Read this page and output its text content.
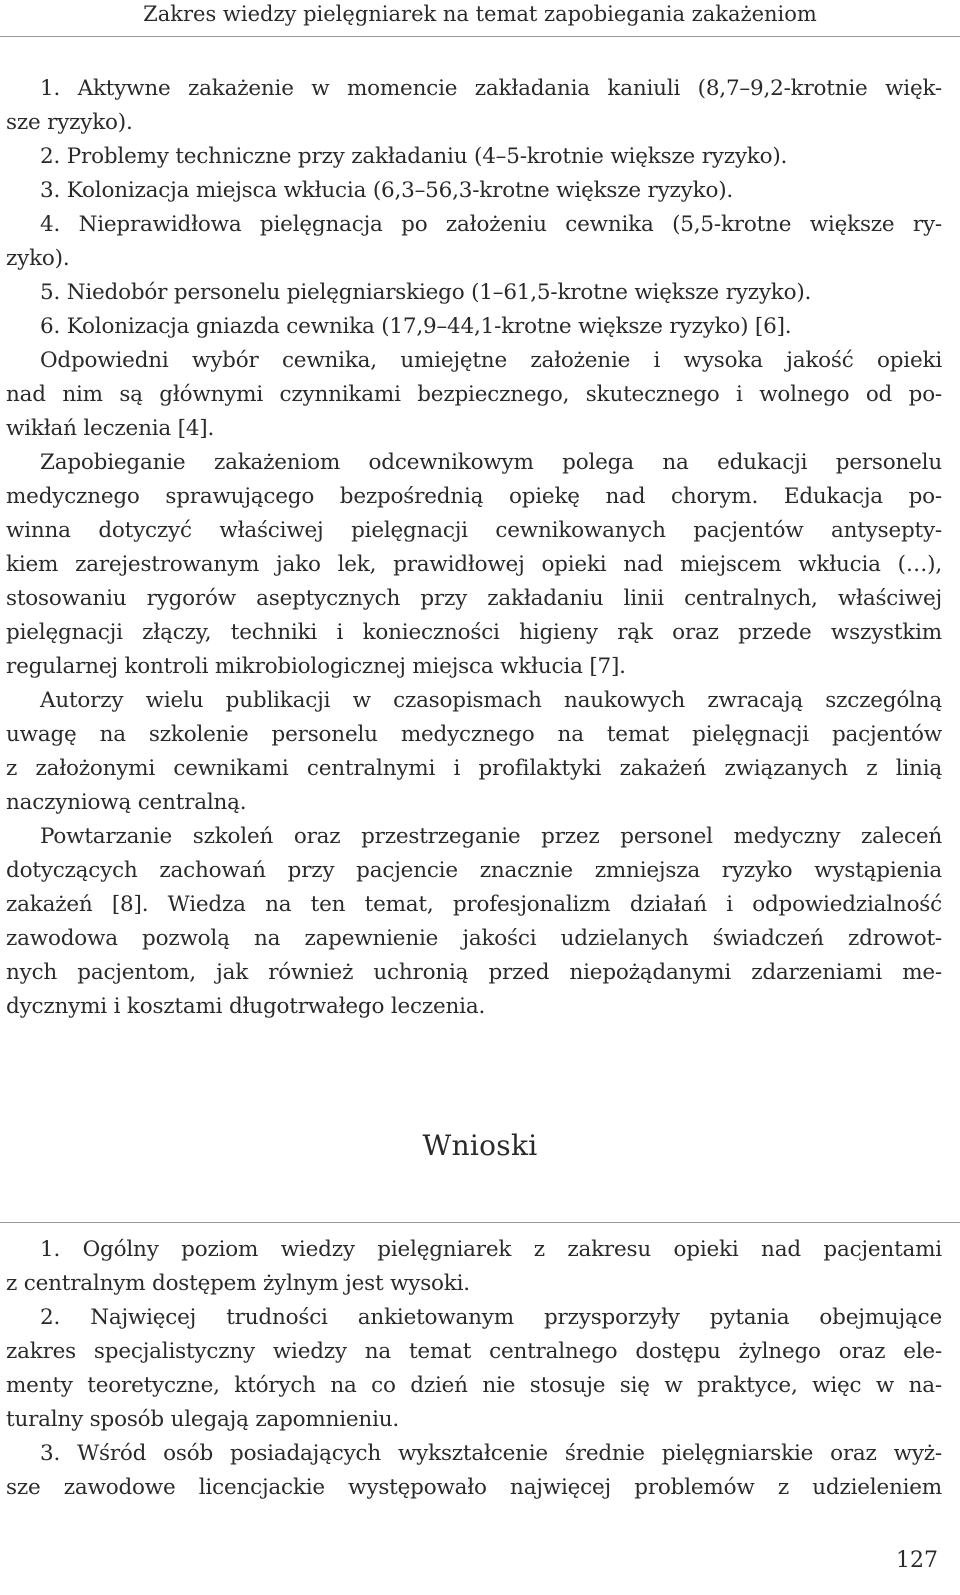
Zakres wiedzy pielęgniarek na temat zapobiegania zakażeniom
1. Aktywne zakażenie w momencie zakładania kaniuli (8,7–9,2-krotnie więk-
sze ryzyko).
2. Problemy techniczne przy zakładaniu (4–5-krotnie większe ryzyko).
3. Kolonizacja miejsca wkłucia (6,3–56,3-krotne większe ryzyko).
4. Nieprawidłowa pielęgnacja po założeniu cewnika (5,5-krotne większe ry-
zyko).
5. Niedobór personelu pielęgniarskiego (1–61,5-krotne większe ryzyko).
6. Kolonizacja gniazda cewnika (17,9–44,1-krotne większe ryzyko) [6].
Odpowiedni wybór cewnika, umiejętne założenie i wysoka jakość opieki
nad nim są głównymi czynnikami bezpiecznego, skutecznego i wolnego od po-
wikłań leczenia [4].
Zapobieganie zakażeniom odcewnikowym polega na edukacji personelu
medycznego sprawującego bezpośrednią opiekę nad chorym. Edukacja po-
winna dotyczyć właściwej pielęgnacji cewnikowanych pacjentów antysepty-
kiem zarejestrowanym jako lek, prawidłowej opieki nad miejscem wkłucia (…),
stosowaniu rygorów aseptycznych przy zakładaniu linii centralnych, właściwej
pielęgnacji złączy, techniki i konieczności higieny rąk oraz przede wszystkim
regularnej kontroli mikrobiologicznej miejsca wkłucia [7].
Autorzy wielu publikacji w czasopismach naukowych zwracają szczególną
uwagę na szkolenie personelu medycznego na temat pielęgnacji pacjentów
z założonymi cewnikami centralnymi i profilaktyki zakażeń związanych z linią
naczyniową centralną.
Powtarzanie szkoleń oraz przestrzeganie przez personel medyczny zaleceń
dotyczących zachowań przy pacjencie znacznie zmniejsza ryzyko wystąpienia
zakażeń [8]. Wiedza na ten temat, profesjonalizm działań i odpowiedzialność
zawodowa pozwolą na zapewnienie jakości udzielanych świadczeń zdrowot-
nych pacjentom, jak również uchronią przed niepożądanymi zdarzeniami me-
dycznymi i kosztami długotrwałego leczenia.
Wnioski
1. Ogólny poziom wiedzy pielęgniarek z zakresu opieki nad pacjentami
z centralnym dostępem żylnym jest wysoki.
2. Najwięcej trudności ankietowanym przysporzyły pytania obejmujące
zakres specjalistyczny wiedzy na temat centralnego dostępu żylnego oraz ele-
menty teoretyczne, których na co dzień nie stosuje się w praktyce, więc w na-
turalny sposób ulegają zapomnieniu.
3. Wśród osób posiadających wykształcenie średnie pielęgniarskie oraz wyż-
sze zawodowe licencjackie występowało najwięcej problemów z udzieleniem
127
